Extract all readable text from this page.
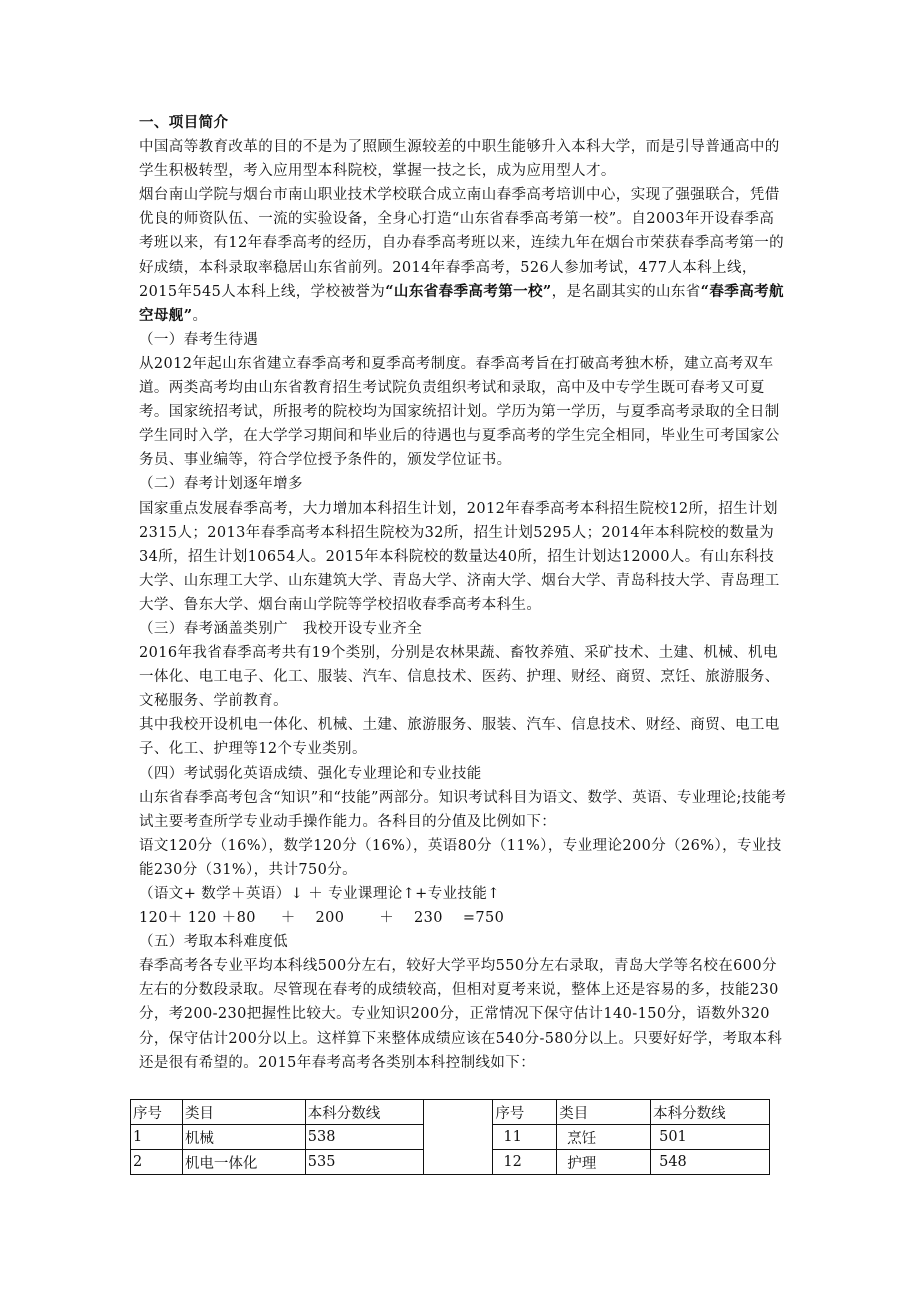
一、项目简介

中国高等教育改革的目的不是为了照顾生源较差的中职生能够升入本科大学，而是引导普通高中的学生积极转型，考入应用型本科院校，掌握一技之长，成为应用型人才。

烟台南山学院与烟台市南山职业技术学校联合成立南山春季高考培训中心，实现了强强联合，凭借优良的师资队伍、一流的实验设备，全身心打造“山东省春季高考第一校”。自2003年开设春季高考班以来，有12年春季高考的经历，自办春季高考班以来，连续九年在烟台市荣获春季高考第一的好成绩，本科录取率稳居山东省前列。2014年春季高考，526人参加考试，477人本科上线，2015年545人本科上线，学校被誉为“山东省春季高考第一校”，是名副其实的山东省“春季高考航空母舰”。

（一）春考生待遇

从2012年起山东省建立春季高考和夏季高考制度。春季高考旨在打破高考独木桥，建立高考双车道。两类高考均由山东省教育招生考试院负责组织考试和录取，高中及中专学生既可春考又可夏考。国家统招考试，所报考的院校均为国家统招计划。学历为第一学历，与夏季高考录取的全日制学生同时入学，在大学学习期间和毕业后的待遇也与夏季高考的学生完全相同，毕业生可考国家公务员、事业编等，符合学位授予条件的，颁发学位证书。

（二）春考计划逐年增多

国家重点发展春季高考，大力增加本科招生计划，2012年春季高考本科招生院校12所，招生计划2315人；2013年春季高考本科招生院校为32所，招生计划5295人；2014年本科院校的数量为34所，招生计划10654人。2015年本科院校的数量达40所，招生计划达12000人。有山东科技大学、山东理工大学、山东建筑大学、青岛大学、济南大学、烟台大学、青岛科技大学、青岛理工大学、鲁东大学、烟台南山学院等学校招收春季高考本科生。

（三）春考涵盖类别广　我校开设专业齐全

2016年我省春季高考共有19个类别，分别是农林果蔬、畜牧养殖、采矿技术、土建、机械、机电一体化、电工电子、化工、服装、汽车、信息技术、医药、护理、财经、商贸、烹饪、旅游服务、文秘服务、学前教育。

其中我校开设机电一体化、机械、土建、旅游服务、服装、汽车、信息技术、财经、商贸、电工电子、化工、护理等12个专业类别。

（四）考试弱化英语成绩、强化专业理论和专业技能

山东省春季高考包含“知识”和“技能”两部分。知识考试科目为语文、数学、英语、专业理论;技能考试主要考查所学专业动手操作能力。各科目的分值及比例如下：

语文120分（16%），数学120分（16%），英语80分（11%），专业理论200分（26%），专业技能230分（31%），共计750分。

（语文+ 数学＋英语）↓ ＋ 专业课理论↑+专业技能↑

120＋ 120 ＋80 　 ＋ 　200　 　＋ 　230 　=750

（五）考取本科难度低

春季高考各专业平均本科线500分左右，较好大学平均550分左右录取，青岛大学等名校在600分左右的分数段录取。尽管现在春考的成绩较高，但相对夏考来说，整体上还是容易的多，技能230分，考200-230把握性比较大。专业知识200分，正常情况下保守估计140-150分，语数外320分，保守估计200分以上。这样算下来整体成绩应该在540分-580分以上。只要好好学，考取本科还是很有希望的。2015年春考高考各类别本科控制线如下：

序号	类目	本科分数线		序号	类目	本科分数线
1	机械	538		11	烹饪	501
2	机电一体化	535		12	护理	548
